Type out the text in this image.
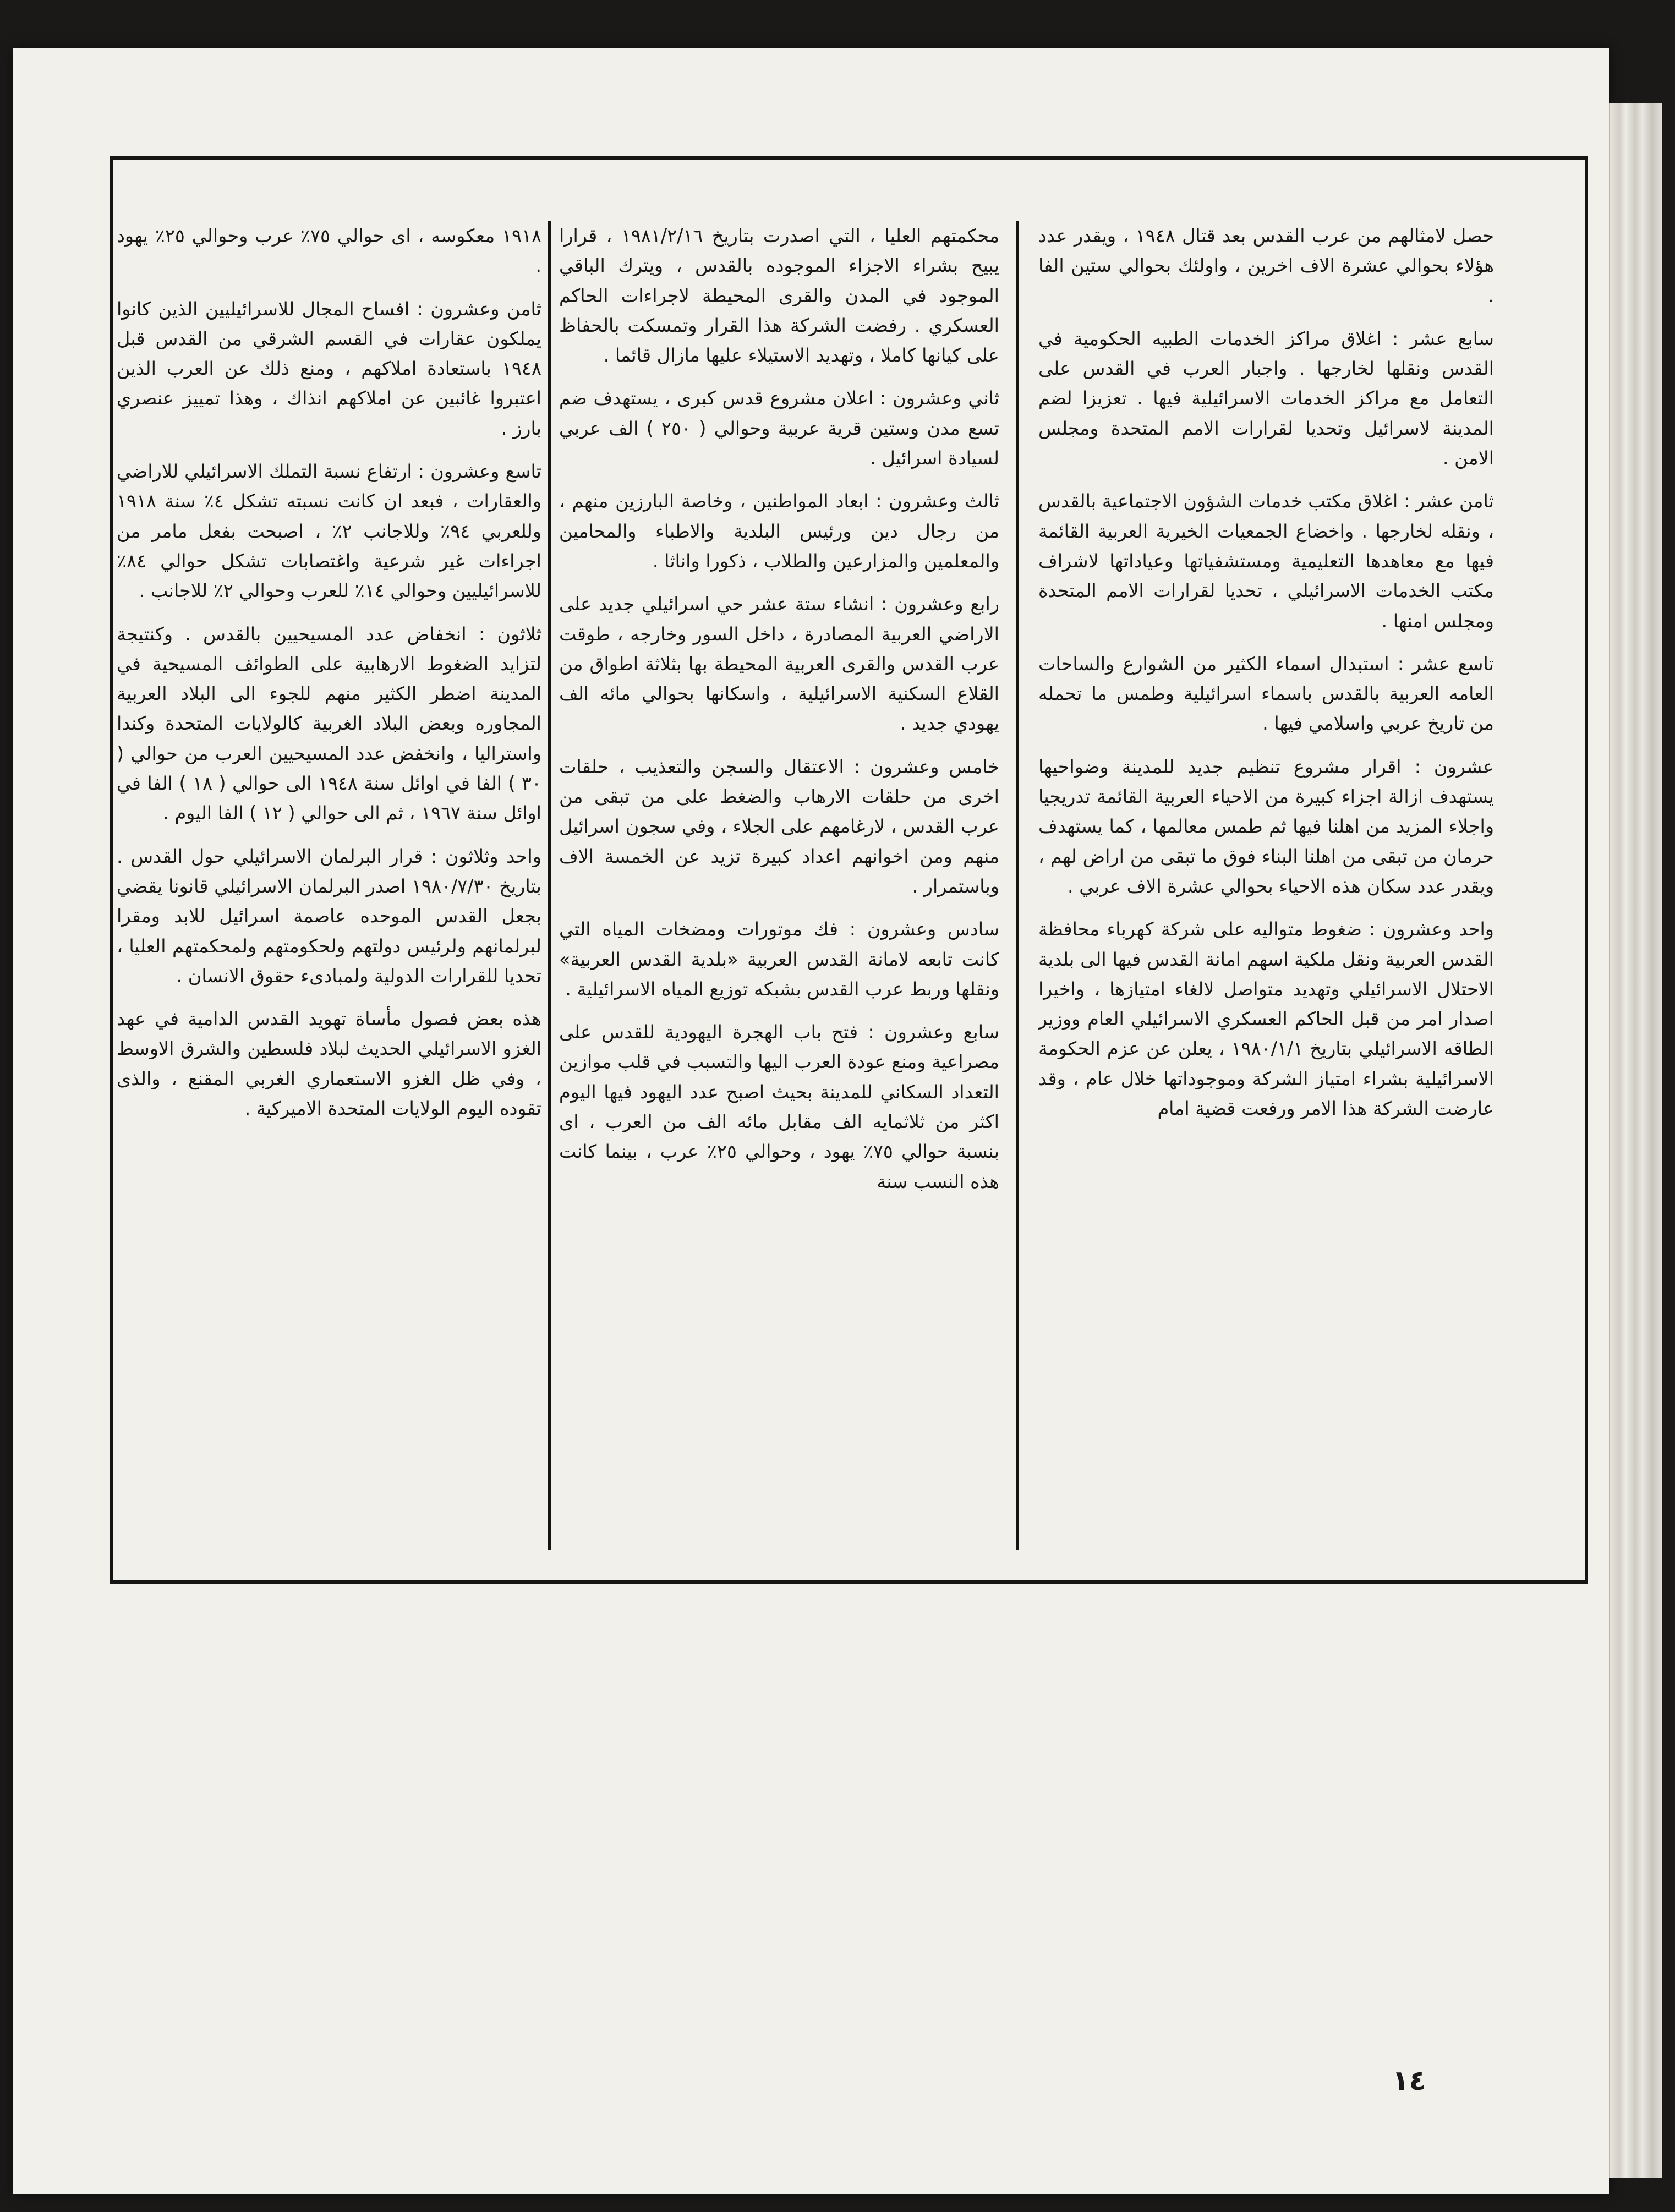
حصل لامثالهم من عرب القدس بعد قتال ١٩٤٨ ، ويقدر عدد هؤلاء بحوالي عشرة الاف اخرين ، واولئك بحوالي ستين الفا .

سابع عشر : اغلاق مراكز الخدمات الطبيه الحكومية في القدس ونقلها لخارجها . واجبار العرب في القدس على التعامل مع مراكز الخدمات الاسرائيلية فيها . تعزيزا لضم المدينة لاسرائيل وتحديا لقرارات الامم المتحدة ومجلس الامن .

ثامن عشر : اغلاق مكتب خدمات الشؤون الاجتماعية بالقدس ، ونقله لخارجها . واخضاع الجمعيات الخيرية العربية القائمة فيها مع معاهدها التعليمية ومستشفياتها وعياداتها لاشراف مكتب الخدمات الاسرائيلي ، تحديا لقرارات الامم المتحدة ومجلس امنها .

تاسع عشر : استبدال اسماء الكثير من الشوارع والساحات العامه العربية بالقدس باسماء اسرائيلية وطمس ما تحمله من تاريخ عربي واسلامي فيها .

عشرون : اقرار مشروع تنظيم جديد للمدينة وضواحيها يستهدف ازالة اجزاء كبيرة من الاحياء العربية القائمة تدريجيا واجلاء المزيد من اهلنا فيها ثم طمس معالمها ، كما يستهدف حرمان من تبقى من اهلنا البناء فوق ما تبقى من اراض لهم ، ويقدر عدد سكان هذه الاحياء بحوالي عشرة الاف عربي .

واحد وعشرون : ضغوط متواليه على شركة كهرباء محافظة القدس العربية ونقل ملكية اسهم امانة القدس فيها الى بلدية الاحتلال الاسرائيلي وتهديد متواصل لالغاء امتيازها ، واخيرا اصدار امر من قبل الحاكم العسكري الاسرائيلي العام ووزير الطاقه الاسرائيلي بتاريخ ١٩٨٠/١/١ ، يعلن عن عزم الحكومة الاسرائيلية بشراء امتياز الشركة وموجوداتها خلال عام ، وقد عارضت الشركة هذا الامر ورفعت قضية امام

محكمتهم العليا ، التي اصدرت بتاريخ ١٩٨١/٢/١٦ ، قرارا يبيح بشراء الاجزاء الموجوده بالقدس ، ويترك الباقي الموجود في المدن والقرى المحيطة لاجراءات الحاكم العسكري . رفضت الشركة هذا القرار وتمسكت بالحفاظ على كيانها كاملا ، وتهديد الاستيلاء عليها مازال قائما .

ثاني وعشرون : اعلان مشروع قدس كبرى ، يستهدف ضم تسع مدن وستين قرية عربية وحوالي ( ٢٥٠ ) الف عربي لسيادة اسرائيل .

ثالث وعشرون : ابعاد المواطنين ، وخاصة البارزين منهم ، من رجال دين ورئيس البلدية والاطباء والمحامين والمعلمين والمزارعين والطلاب ، ذكورا واناثا .

رابع وعشرون : انشاء ستة عشر حي اسرائيلي جديد على الاراضي العربية المصادرة ، داخل السور وخارجه ، طوقت عرب القدس والقرى العربية المحيطة بها بثلاثة اطواق من القلاع السكنية الاسرائيلية ، واسكانها بحوالي مائه الف يهودي جديد .

خامس وعشرون : الاعتقال والسجن والتعذيب ، حلقات اخرى من حلقات الارهاب والضغط على من تبقى من عرب القدس ، لارغامهم على الجلاء ، وفي سجون اسرائيل منهم ومن اخوانهم اعداد كبيرة تزيد عن الخمسة الاف وباستمرار .

سادس وعشرون : فك موتورات ومضخات المياه التي كانت تابعه لامانة القدس العربية «بلدية القدس العربية» ونقلها وربط عرب القدس بشبكه توزيع المياه الاسرائيلية .

سابع وعشرون : فتح باب الهجرة اليهودية للقدس على مصراعية ومنع عودة العرب اليها والتسبب في قلب موازين التعداد السكاني للمدينة بحيث اصبح عدد اليهود فيها اليوم اكثر من ثلاثمايه الف مقابل مائه الف من العرب ، اى بنسبة حوالي ٧٥٪ يهود ، وحوالي ٢٥٪ عرب ، بينما كانت هذه النسب سنة

١٩١٨ معكوسه ، اى حوالي ٧٥٪ عرب وحوالي ٢٥٪ يهود .

ثامن وعشرون : افساح المجال للاسرائيليين الذين كانوا يملكون عقارات في القسم الشرقي من القدس قبل ١٩٤٨ باستعادة املاكهم ، ومنع ذلك عن العرب الذين اعتبروا غائبين عن املاكهم انذاك ، وهذا تمييز عنصري بارز .

تاسع وعشرون : ارتفاع نسبة التملك الاسرائيلي للاراضي والعقارات ، فبعد ان كانت نسبته تشكل ٤٪ سنة ١٩١٨ وللعربي ٩٤٪ وللاجانب ٢٪ ، اصبحت بفعل مامر من اجراءات غير شرعية واغتصابات تشكل حوالي ٨٤٪ للاسرائيليين وحوالي ١٤٪ للعرب وحوالي ٢٪ للاجانب .

ثلاثون : انخفاض عدد المسيحيين بالقدس . وكنتيجة لتزايد الضغوط الارهابية على الطوائف المسيحية في المدينة اضطر الكثير منهم للجوء الى البلاد العربية المجاوره وبعض البلاد الغربية كالولايات المتحدة وكندا واستراليا ، وانخفض عدد المسيحيين العرب من حوالي ( ٣٠ ) الفا في اوائل سنة ١٩٤٨ الى حوالي ( ١٨ ) الفا في اوائل سنة ١٩٦٧ ، ثم الى حوالي ( ١٢ ) الفا اليوم .

واحد وثلاثون : قرار البرلمان الاسرائيلي حول القدس . بتاريخ ١٩٨٠/٧/٣٠ اصدر البرلمان الاسرائيلي قانونا يقضي بجعل القدس الموحده عاصمة اسرائيل للابد ومقرا لبرلمانهم ولرئيس دولتهم ولحكومتهم ولمحكمتهم العليا ، تحديا للقرارات الدولية ولمبادىء حقوق الانسان .

هذه بعض فصول مأساة تهويد القدس الدامية في عهد الغزو الاسرائيلي الحديث لبلاد فلسطين والشرق الاوسط ، وفي ظل الغزو الاستعماري الغربي المقنع ، والذى تقوده اليوم الولايات المتحدة الاميركية .

١٤
